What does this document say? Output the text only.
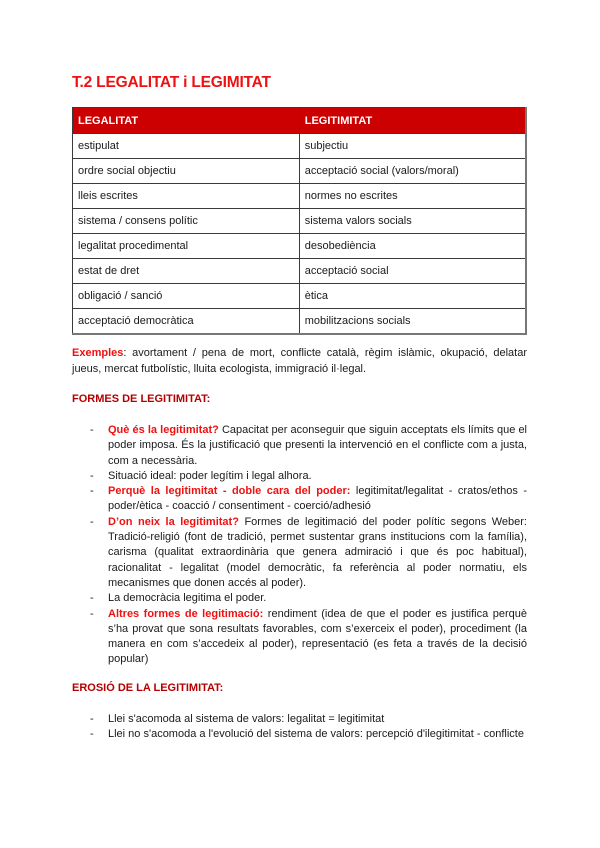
T.2 LEGALITAT i LEGIMITAT
LEGALITAT	LEGITIMITAT
estipulat	subjectiu
ordre social objectiu	acceptació social (valors/moral)
lleis escrites	normes no escrites
sistema / consens polític	sistema valors socials
legalitat procedimental	desobediència
estat de dret	acceptació social
obligació / sanció	ètica
acceptació democràtica	mobilitzacions socials
Exemples: avortament / pena de mort, conflicte català, règim islàmic, okupació, delatar jueus, mercat futbolístic, lluita ecologista, immigració il·legal.
FORMES DE LEGITIMITAT:
- Què és la legitimitat? Capacitat per aconseguir que siguin acceptats els límits que el poder imposa. És la justificació que presenti la intervenció en el conflicte com a justa, com a necessària.
- Situació ideal: poder legítim i legal alhora.
- Perquè la legitimitat - doble cara del poder: legitimitat/legalitat - cratos/ethos - poder/ètica - coacció / consentiment - coerció/adhesió
- D’on neix la legitimitat? Formes de legitimació del poder polític segons Weber: Tradició-religió (font de tradició, permet sustentar grans institucions com la família), carisma (qualitat extraordinària que genera admiració i que és poc habitual), racionalitat - legalitat (model democràtic, fa referència al poder normatiu, els mecanismes que donen accés al poder).
- La democràcia legitima el poder.
- Altres formes de legitimació: rendiment (idea de que el poder es justifica perquè s’ha provat que sona resultats favorables, com s’exerceix el poder), procediment (la manera en com s’accedeix al poder), representació (es feta a través de la decisió popular)
EROSIÓ DE LA LEGITIMITAT:
- Llei s'acomoda al sistema de valors: legalitat = legitimitat
- Llei no s'acomoda a l'evolució del sistema de valors: percepció d'ilegitimitat - conflicte
